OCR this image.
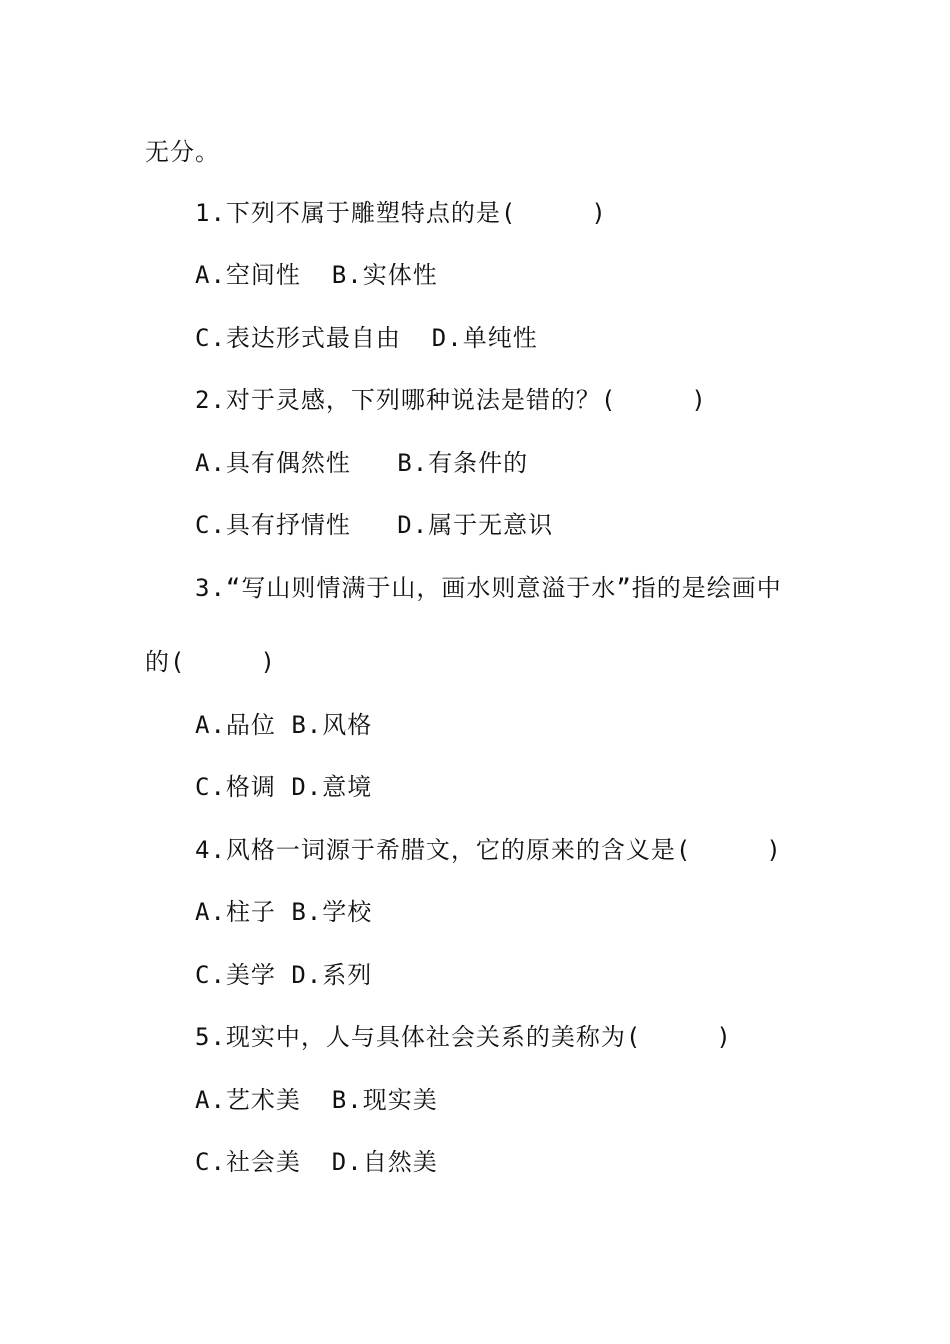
无分。
1.下列不属于雕塑特点的是(　　　)
A.空间性  B.实体性
C.表达形式最自由  D.单纯性
2.对于灵感，下列哪种说法是错的？(　　　)
A.具有偶然性   B.有条件的
C.具有抒情性   D.属于无意识
3.“写山则情满于山，画水则意溢于水”指的是绘画中
的(　　　)
A.品位 B.风格
C.格调 D.意境
4.风格一词源于希腊文，它的原来的含义是(　　　)
A.柱子 B.学校
C.美学 D.系列
5.现实中，人与具体社会关系的美称为(　　　)
A.艺术美  B.现实美
C.社会美  D.自然美
